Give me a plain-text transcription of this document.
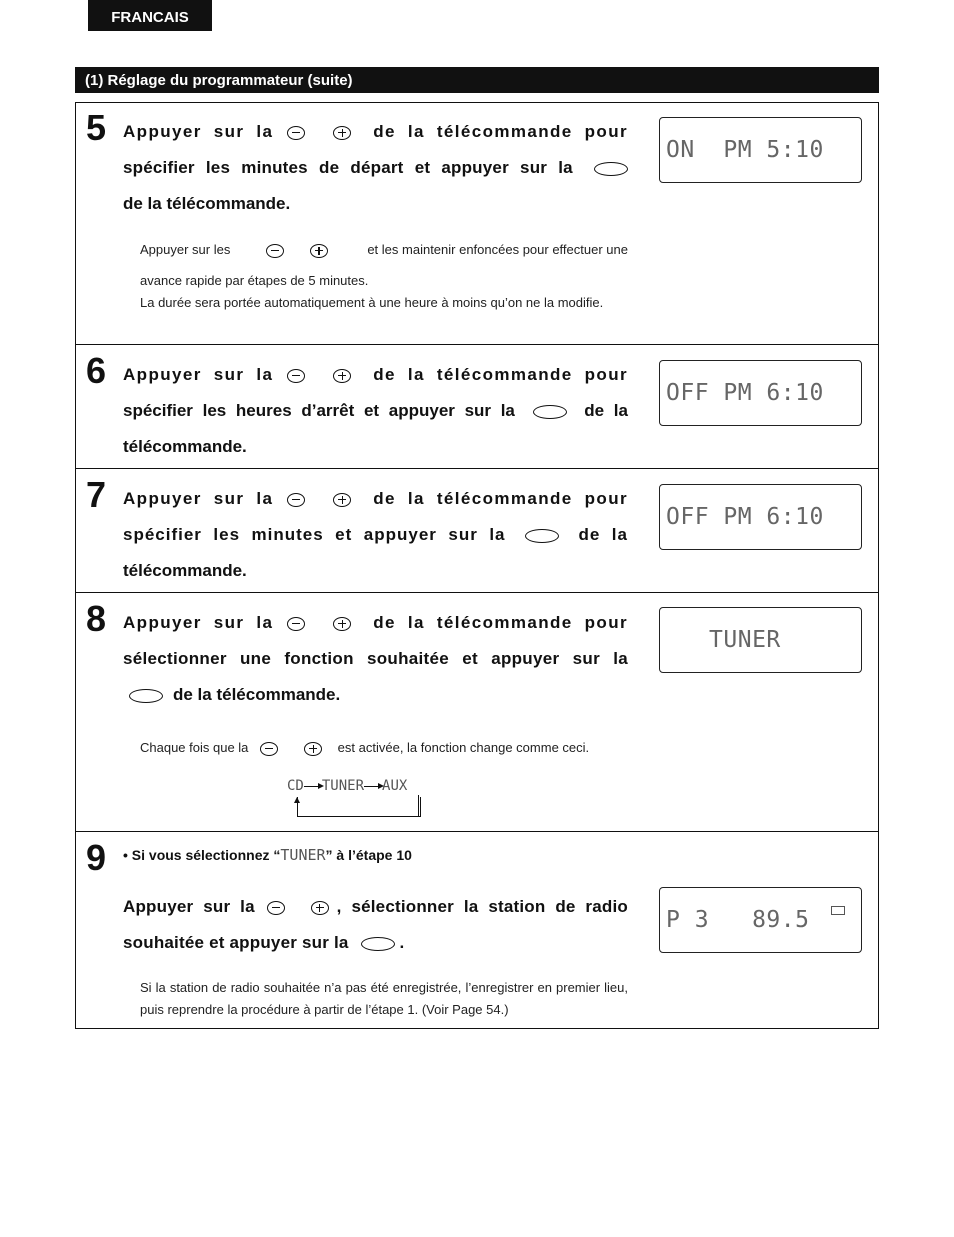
FRANCAIS
(1) Réglage du programmateur (suite)
5 Appuyer sur la	de la télécommande pour
spécifier les minutes de départ et appuyer sur la
de la télécommande.
Appuyer sur les	et les maintenir enfoncées pour effectuer une
avance rapide par étapes de 5 minutes.
La durée sera portée automatiquement à une heure à moins qu’on ne la modifie.
ON  PM 5:10
6 Appuyer sur la	de la télécommande pour
spécifier les heures d’arrêt et appuyer sur la	de la
télécommande.
OFF PM 6:10
7 Appuyer sur la	de la télécommande pour
spécifier les minutes et appuyer sur la	de la
télécommande.
OFF PM 6:10
8 Appuyer sur la	de la télécommande pour
sélectionner une fonction souhaitée et appuyer sur la
de la télécommande.
Chaque fois que la	est activée, la fonction change comme ceci.
TUNER
CD TUNER AUX
9 • Si vous sélectionnez “TUNER” à l’étape 10
Appuyer sur la	, sélectionner la station de radio
souhaitée et appuyer sur la	.
Si la station de radio souhaitée n’a pas été enregistrée, l’enregistrer en premier lieu, puis reprendre la procédure à partir de l’étape 1. (Voir Page 54.)
P 3   89.5
